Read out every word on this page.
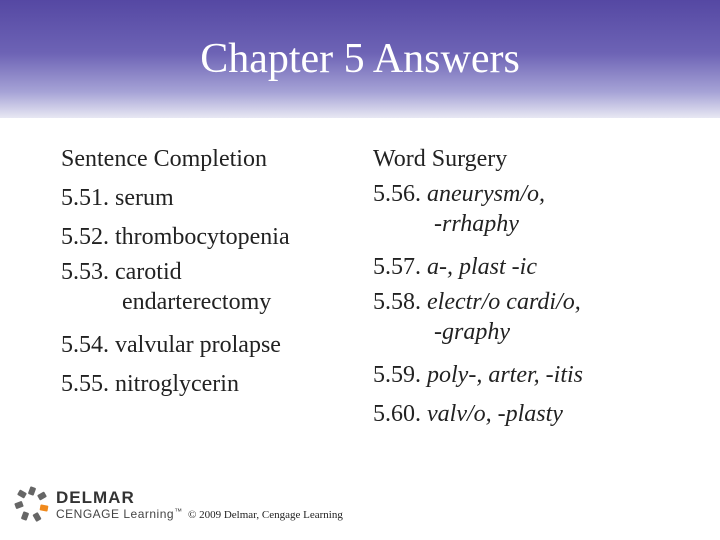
Chapter 5 Answers
Sentence Completion
5.51. serum
5.52. thrombocytopenia
5.53. carotid
endarterectomy
5.54. valvular prolapse
5.55. nitroglycerin
Word Surgery
5.56. aneurysm/o,
-rrhaphy
5.57. a-, plast -ic
5.58. electr/o cardi/o,
-graphy
5.59. poly-, arter, -itis
5.60. valv/o, -plasty
DELMAR
CENGAGE Learning™ © 2009 Delmar, Cengage Learning
